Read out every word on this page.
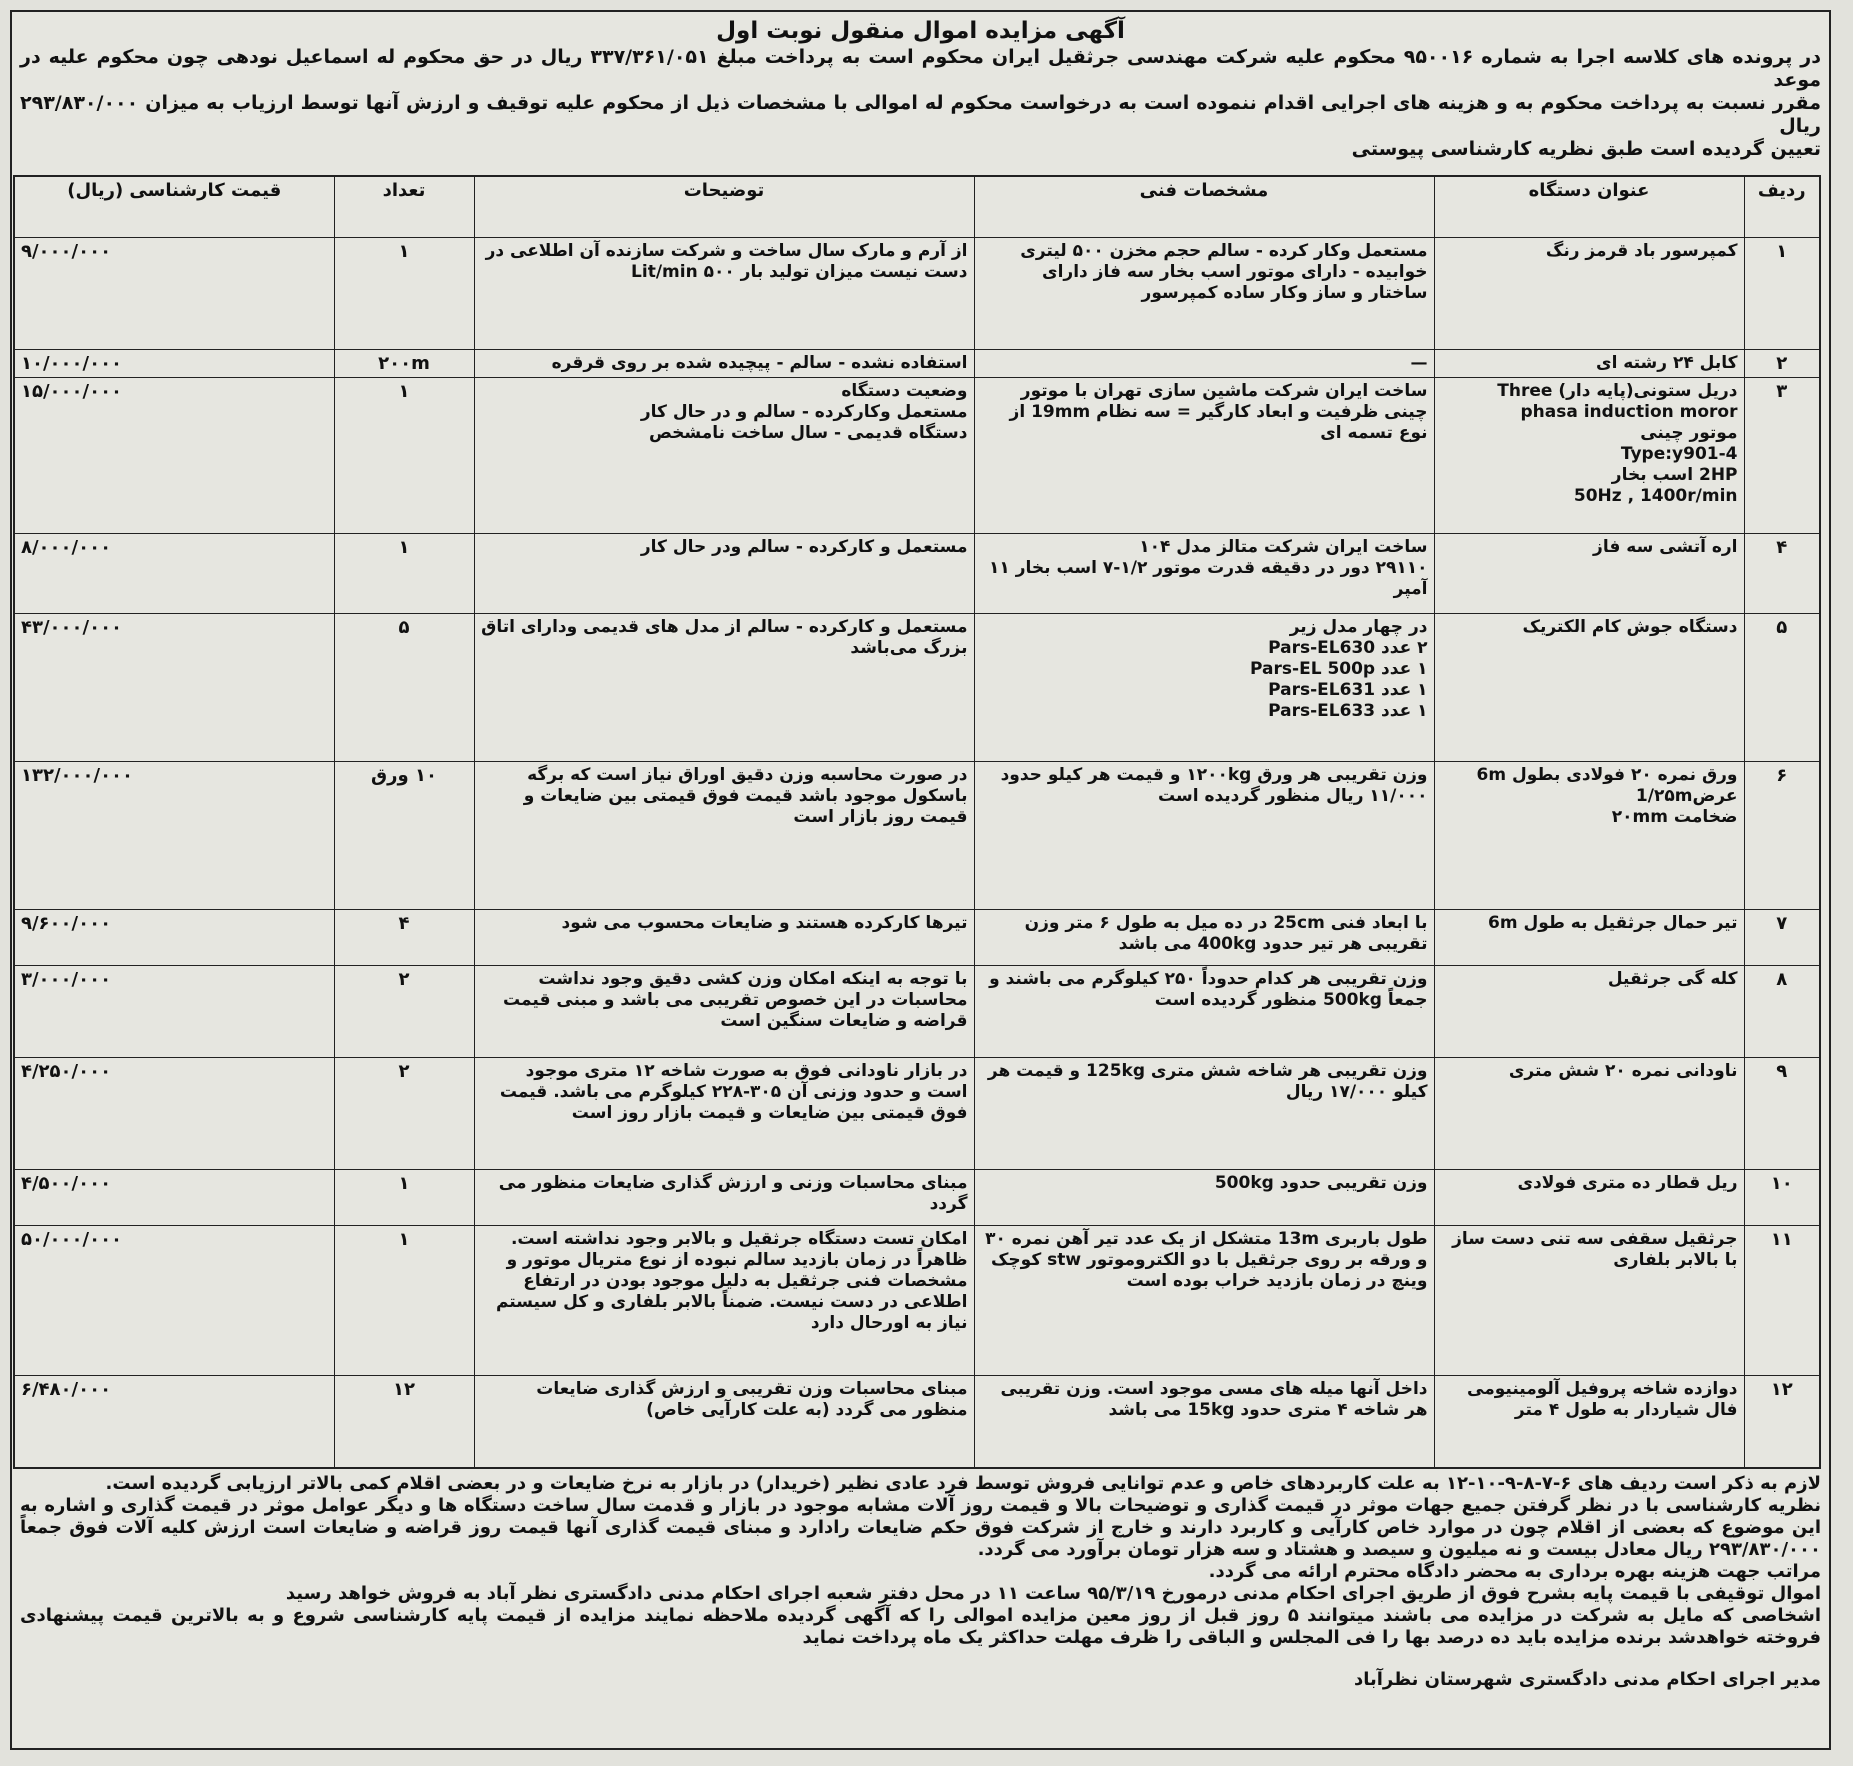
آگهی مزایده اموال منقول نوبت اول

در پرونده های کلاسه اجرا به شماره ۹۵۰۰۱۶ محکوم علیه شرکت مهندسی جرثقیل ایران محکوم است به پرداخت مبلغ ۳۳۷/۳۶۱/۰۵۱ ریال در حق محکوم له اسماعیل نودهی چون محکوم علیه در موعد

مقرر نسبت به پرداخت محکوم به و هزینه های اجرایی اقدام ننموده است به درخواست محکوم له اموالی با مشخصات ذیل از محکوم علیه توقیف و ارزش آنها توسط ارزیاب به میزان ۲۹۳/۸۳۰/۰۰۰ ریال

تعیین گردیده است طبق نظریه کارشناسی پیوستی

ردیف	عنوان دستگاه	مشخصات فنی	توضیحات	تعداد	قیمت کارشناسی (ریال)
۱	کمپرسور باد قرمز رنگ	مستعمل وکار کرده - سالم حجم مخزن ۵۰۰ لیتری
خوابیده - دارای موتور اسب بخار سه فاز دارای ساختار و ساز وکار ساده کمپرسور	از آرم و مارک سال ساخت و شرکت سازنده آن اطلاعی در دست نیست میزان تولید بار Lit/min ۵۰۰	۱	۹/۰۰۰/۰۰۰
۲	کابل ۲۴ رشته ای	—	استفاده نشده - سالم - پیچیده شده بر روی قرقره	۲۰۰m	۱۰/۰۰۰/۰۰۰
۳	دریل ستونی(پایه دار) Three phasa induction moror
موتور چینی
Type:y901-4
2HP اسب بخار
50Hz , 1400r/min	ساخت ایران شرکت ماشین سازی تهران با موتور چینی ظرفیت و ابعاد کارگیر = سه نظام 19mm از نوع تسمه ای	وضعیت دستگاه
مستعمل وکارکرده - سالم و در حال کار
دستگاه قدیمی - سال ساخت نامشخص	۱	۱۵/۰۰۰/۰۰۰
۴	اره آتشی سه فاز	ساخت ایران شرکت متالز مدل ۱۰۴
۲۹۱۱۰ دور در دقیقه قدرت موتور ۱/۲-۷ اسب بخار ۱۱ آمپر	مستعمل و کارکرده - سالم ودر حال کار	۱	۸/۰۰۰/۰۰۰
۵	دستگاه جوش کام الکتریک	در چهار مدل زیر
۲ عدد Pars-EL630
۱ عدد Pars-EL 500p
۱ عدد Pars-EL631
۱ عدد Pars-EL633	مستعمل و کارکرده - سالم از مدل های قدیمی ودارای اتاق بزرگ می‌باشد	۵	۴۳/۰۰۰/۰۰۰
۶	ورق نمره ۲۰ فولادی بطول 6m
عرض1/۲۵m
ضخامت ۲۰mm	وزن تقریبی هر ورق ۱۲۰۰kg و قیمت هر کیلو حدود ۱۱/۰۰۰ ریال منظور گردیده است	در صورت محاسبه وزن دقیق اوراق نیاز است که برگه باسکول موجود باشد قیمت فوق قیمتی بین ضایعات و قیمت روز بازار است	۱۰ ورق	۱۳۲/۰۰۰/۰۰۰
۷	تیر حمال جرثقیل به طول 6m	با ابعاد فنی 25cm در ده میل به طول ۶ متر وزن تقریبی هر تیر حدود 400kg می باشد	تیرها کارکرده هستند و ضایعات محسوب می شود	۴	۹/۶۰۰/۰۰۰
۸	کله گی جرثقیل	وزن تقریبی هر کدام حدوداً ۲۵۰ کیلوگرم می باشند و جمعاً 500kg منظور گردیده است	با توجه به اینکه امکان وزن کشی دقیق وجود نداشت محاسبات در این خصوص تقریبی می باشد و مبنی قیمت قراضه و ضایعات سنگین است	۲	۳/۰۰۰/۰۰۰
۹	ناودانی نمره ۲۰ شش متری	وزن تقریبی هر شاخه شش متری 125kg و قیمت هر کیلو ۱۷/۰۰۰ ریال	در بازار ناودانی فوق به صورت شاخه ۱۲ متری موجود است و حدود وزنی آن ۳۰۵-۲۲۸ کیلوگرم می باشد. قیمت فوق قیمتی بین ضایعات و قیمت بازار روز است	۲	۴/۲۵۰/۰۰۰
۱۰	ریل قطار ده متری فولادی	وزن تقریبی حدود 500kg	مبنای محاسبات وزنی و ارزش گذاری ضایعات منظور می گردد	۱	۴/۵۰۰/۰۰۰
۱۱	جرثقیل سقفی سه تنی دست ساز با بالابر بلفاری	طول باربری 13m متشکل از یک عدد تیر آهن نمره ۳۰ و ورقه بر روی جرثقیل با دو الکتروموتور stw کوچک وینچ در زمان بازدید خراب بوده است	امکان تست دستگاه جرثقیل و بالابر وجود نداشته است. ظاهراً در زمان بازدید سالم نبوده از نوع متریال موتور و مشخصات فنی جرثقیل به دلیل موجود بودن در ارتفاع اطلاعی در دست نیست. ضمناً بالابر بلفاری و کل سیستم نیاز به اورحال دارد	۱	۵۰/۰۰۰/۰۰۰
۱۲	دوازده شاخه پروفیل آلومینیومی فال شیاردار به طول ۴ متر	داخل آنها میله های مسی موجود است. وزن تقریبی هر شاخه ۴ متری حدود 15kg می باشد	مبنای محاسبات وزن تقریبی و ارزش گذاری ضایعات منظور می گردد (به علت کارآیی خاص)	۱۲	۶/۴۸۰/۰۰۰

لازم به ذکر است ردیف های ۶-۷-۸-۹-۱۰-۱۲ به علت کاربردهای خاص و عدم توانایی فروش توسط فرد عادی نظیر (خریدار) در بازار به نرخ ضایعات و در بعضی اقلام کمی بالاتر ارزیابی گردیده است.

نظریه کارشناسی با در نظر گرفتن جمیع جهات موثر در قیمت گذاری و توضیحات بالا و قیمت روز آلات مشابه موجود در بازار و قدمت سال ساخت دستگاه ها و دیگر عوامل موثر در قیمت گذاری و اشاره به این موضوع که بعضی از اقلام چون در موارد خاص کارآیی و کاربرد دارند و خارج از شرکت فوق حکم ضایعات رادارد و مبنای قیمت گذاری آنها قیمت روز قراضه و ضایعات است ارزش کلیه آلات فوق جمعاً ۲۹۳/۸۳۰/۰۰۰ ریال معادل بیست و نه میلیون و سیصد و هشتاد و سه هزار تومان برآورد می گردد.

مراتب جهت هزینه بهره برداری به محضر دادگاه محترم ارائه می گردد.

اموال توقیفی با قیمت پایه بشرح فوق از طریق اجرای احکام مدنی درمورخ ۹۵/۳/۱۹ ساعت ۱۱ در محل دفتر شعبه اجرای احکام مدنی دادگستری نظر آباد به فروش خواهد رسید

اشخاصی که مایل به شرکت در مزایده می باشند میتوانند ۵ روز قبل از روز معین مزایده اموالی را که آگهی گردیده ملاحظه نمایند مزایده از قیمت پایه کارشناسی شروع و به بالاترین قیمت پیشنهادی فروخته خواهدشد برنده مزایده باید ده درصد بها را فی المجلس و الباقی را ظرف مهلت حداکثر یک ماه پرداخت نماید

مدیر اجرای احکام مدنی دادگستری شهرستان نظرآباد
